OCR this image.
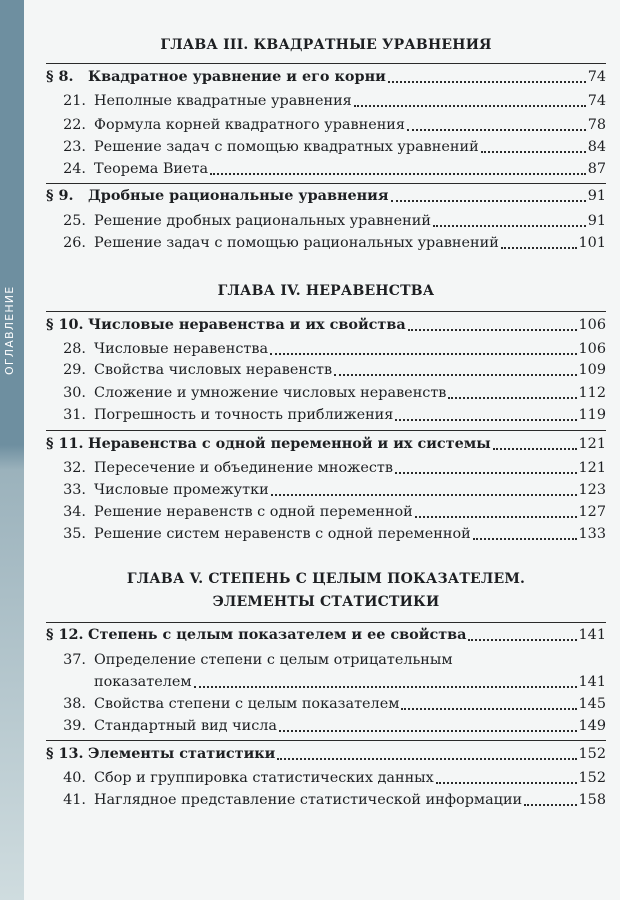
ОГЛАВЛЕНИЕ
ГЛАВА III. КВАДРАТНЫЕ УРАВНЕНИЯ
§ 8.	Квадратное уравнение и его корни	74
21. Неполные квадратные уравнения	74
22. Формула корней квадратного уравнения	78
23. Решение задач с помощью квадратных уравнений	84
24. Теорема Виета	87
§ 9.	Дробные рациональные уравнения	91
25. Решение дробных рациональных уравнений	91
26. Решение задач с помощью рациональных уравнений	101
ГЛАВА IV. НЕРАВЕНСТВА
§ 10. Числовые неравенства и их свойства	106
28. Числовые неравенства	106
29. Свойства числовых неравенств	109
30. Сложение и умножение числовых неравенств	112
31. Погрешность и точность приближения	119
§ 11. Неравенства с одной переменной и их системы	121
32. Пересечение и объединение множеств	121
33. Числовые промежутки	123
34. Решение неравенств с одной переменной	127
35. Решение систем неравенств с одной переменной	133
ГЛАВА V. СТЕПЕНЬ С ЦЕЛЫМ ПОКАЗАТЕЛЕМ.
ЭЛЕМЕНТЫ СТАТИСТИКИ
§ 12. Степень с целым показателем и ее свойства	141
37. Определение степени с целым отрицательным
показателем	141
38. Свойства степени с целым показателем	145
39. Стандартный вид числа	149
§ 13. Элементы статистики	152
40. Сбор и группировка статистических данных	152
41. Наглядное представление статистической информации	158
